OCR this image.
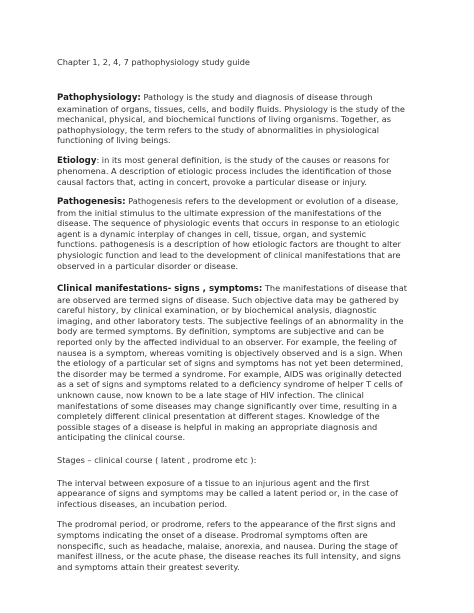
Chapter 1, 2, 4, 7 pathophysiology study guide

Pathophysiology: Pathology is the study and diagnosis of disease through
examination of organs, tissues, cells, and bodily fluids. Physiology is the study of the
mechanical, physical, and biochemical functions of living organisms. Together, as
pathophysiology, the term refers to the study of abnormalities in physiological
functioning of living beings.

Etiology: in its most general definition, is the study of the causes or reasons for
phenomena. A description of etiologic process includes the identification of those
causal factors that, acting in concert, provoke a particular disease or injury.

Pathogenesis: Pathogenesis refers to the development or evolution of a disease,
from the initial stimulus to the ultimate expression of the manifestations of the
disease. The sequence of physiologic events that occurs in response to an etiologic
agent is a dynamic interplay of changes in cell, tissue, organ, and systemic
functions. pathogenesis is a description of how etiologic factors are thought to alter
physiologic function and lead to the development of clinical manifestations that are
observed in a particular disorder or disease.

Clinical manifestations- signs , symptoms: The manifestations of disease that
are observed are termed signs of disease. Such objective data may be gathered by
careful history, by clinical examination, or by biochemical analysis, diagnostic
imaging, and other laboratory tests. The subjective feelings of an abnormality in the
body are termed symptoms. By definition, symptoms are subjective and can be
reported only by the affected individual to an observer. For example, the feeling of
nausea is a symptom, whereas vomiting is objectively observed and is a sign. When
the etiology of a particular set of signs and symptoms has not yet been determined,
the disorder may be termed a syndrome. For example, AIDS was originally detected
as a set of signs and symptoms related to a deficiency syndrome of helper T cells of
unknown cause, now known to be a late stage of HIV infection. The clinical
manifestations of some diseases may change significantly over time, resulting in a
completely different clinical presentation at different stages. Knowledge of the
possible stages of a disease is helpful in making an appropriate diagnosis and
anticipating the clinical course.

Stages – clinical course ( latent , prodrome etc ):

The interval between exposure of a tissue to an injurious agent and the first
appearance of signs and symptoms may be called a latent period or, in the case of
infectious diseases, an incubation period.

The prodromal period, or prodrome, refers to the appearance of the first signs and
symptoms indicating the onset of a disease. Prodromal symptoms often are
nonspecific, such as headache, malaise, anorexia, and nausea. During the stage of
manifest illness, or the acute phase, the disease reaches its full intensity, and signs
and symptoms attain their greatest severity.
